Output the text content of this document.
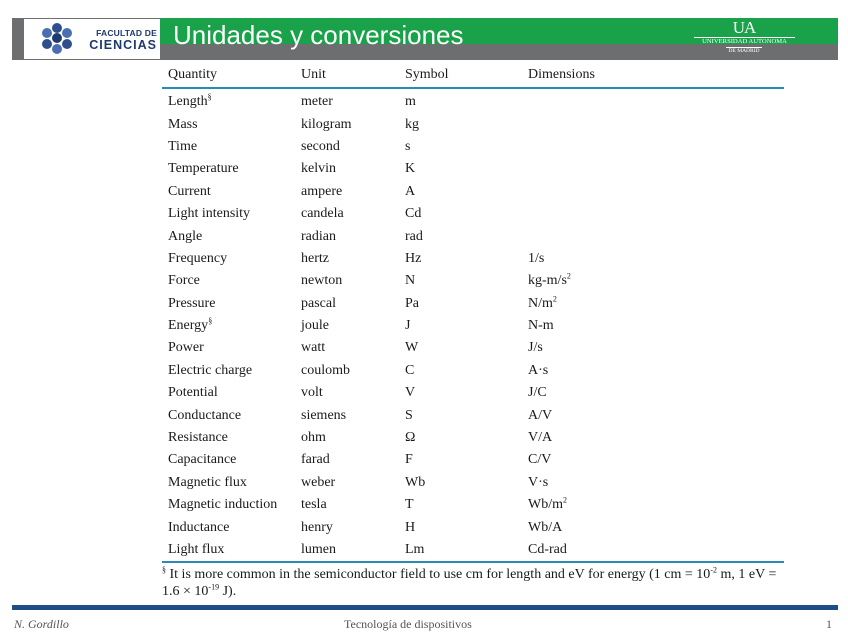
FACULTAD DE
CIENCIAS Unidades y conversiones	UA
UNIVERSIDAD AUTONOMA
DE MADRID
Quantity	Unit	Symbol	Dimensions
Length§	meter	m	
Mass	kilogram	kg	
Time	second	s	
Temperature	kelvin	K	
Current	ampere	A	
Light intensity	candela	Cd	
Angle	radian	rad	
Frequency	hertz	Hz	1/s
Force	newton	N	$kg-m/s^2$
Pressure	pascal	Pa	$N/m^2$
Energy§	joule	J	N-m
Power	watt	W	J/s
Electric charge	coulomb	C	A·s
Potential	volt	V	J/C
Conductance	siemens	S	A/V
Resistance	ohm	Ω	V/A
Capacitance	farad	F	C/V
Magnetic flux	weber	Wb	V·s
Magnetic induction	tesla	T	$Wb/m^2$
Inductance	henry	H	Wb/A
Light flux	lumen	Lm	Cd-rad
§ It is more common in the semiconductor field to use cm for length and eV for energy (1 cm = $10^{-2}$ m, 1 eV = $1.6 \times 10^{-19}$ J).
N. Gordillo	Tecnología de dispositivos	1
